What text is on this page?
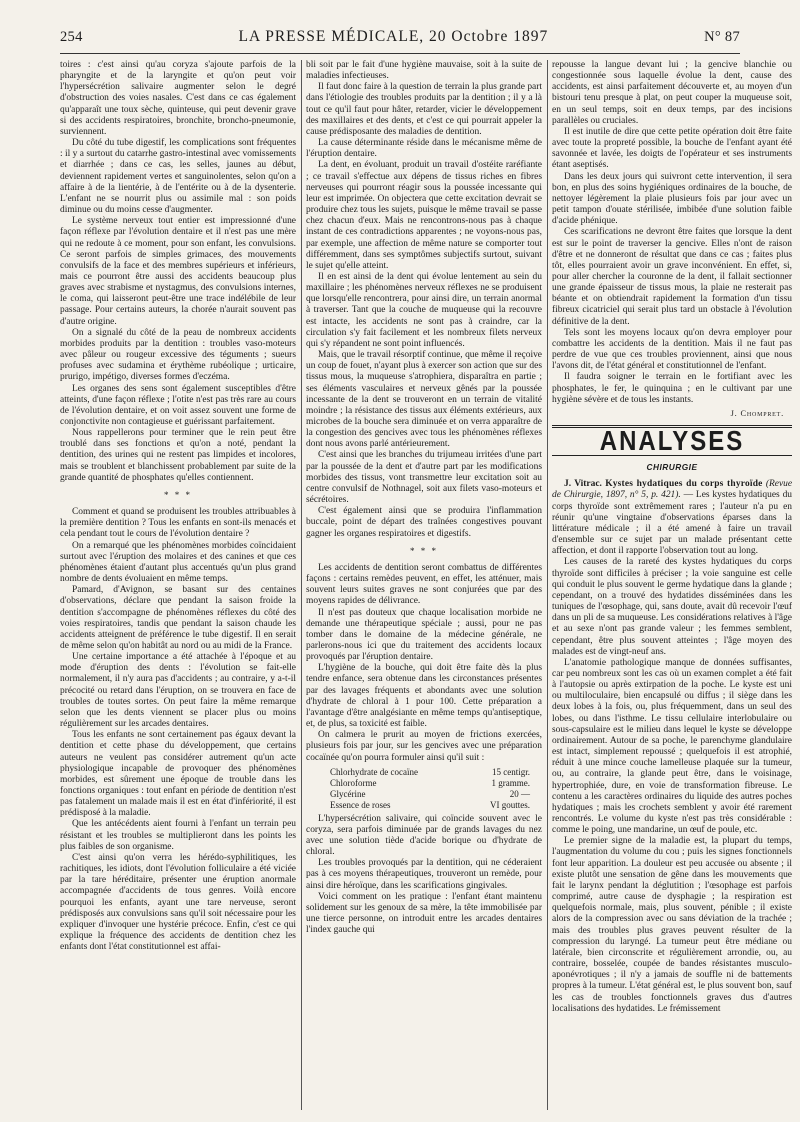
254	LA PRESSE MÉDICALE, 20 Octobre 1897	N° 87

toires : c'est ainsi qu'au coryza s'ajoute parfois de la pharyngite et de la laryngite et qu'on peut voir l'hypersécrétion salivaire augmenter selon le degré d'obstruction des voies nasales. C'est dans ce cas également qu'apparaît une toux sèche, quinteuse, qui peut devenir grave si des accidents respiratoires, bronchite, broncho-pneumonie, surviennent.

Du côté du tube digestif, les complications sont fréquentes : il y a surtout du catarrhe gastro-intestinal avec vomissements et diarrhée ; dans ce cas, les selles, jaunes au début, deviennent rapidement vertes et sanguinolentes, selon qu'on a affaire à de la lientérie, à de l'entérite ou à de la dysenterie. L'enfant ne se nourrit plus ou assimile mal : son poids diminue ou du moins cesse d'augmenter.

Le système nerveux tout entier est impressionné d'une façon réflexe par l'évolution dentaire et il n'est pas une mère qui ne redoute à ce moment, pour son enfant, les convulsions. Ce seront parfois de simples grimaces, des mouvements convulsifs de la face et des membres supérieurs et inférieurs, mais ce pourront être aussi des accidents beaucoup plus graves avec strabisme et nystagmus, des convulsions internes, le coma, qui laisseront peut-être une trace indélébile de leur passage. Pour certains auteurs, la chorée n'aurait souvent pas d'autre origine.

On a signalé du côté de la peau de nombreux accidents morbides produits par la dentition : troubles vaso-moteurs avec pâleur ou rougeur excessive des téguments ; sueurs profuses avec sudamina et érythème rubéolique ; urticaire, prurigo, impétigo, diverses formes d'eczéma.

Les organes des sens sont également susceptibles d'être atteints, d'une façon réflexe ; l'otite n'est pas très rare au cours de l'évolution dentaire, et on voit assez souvent une forme de conjonctivite non contagieuse et guérissant parfaitement.

Nous rappellerons pour terminer que le rein peut être troublé dans ses fonctions et qu'on a noté, pendant la dentition, des urines qui ne restent pas limpides et incolores, mais se troublent et blanchissent probablement par suite de la grande quantité de phosphates qu'elles contiennent.

* * *

Comment et quand se produisent les troubles attribuables à la première dentition ? Tous les enfants en sont-ils menacés et cela pendant tout le cours de l'évolution dentaire ?

On a remarqué que les phénomènes morbides coïncidaient surtout avec l'éruption des molaires et des canines et que ces phénomènes étaient d'autant plus accentués qu'un plus grand nombre de dents évoluaient en même temps.

Pamard, d'Avignon, se basant sur des centaines d'observations, déclare que pendant la saison froide la dentition s'accompagne de phénomènes réflexes du côté des voies respiratoires, tandis que pendant la saison chaude les accidents atteignent de préférence le tube digestif. Il en serait de même selon qu'on habitât au nord ou au midi de la France.

Une certaine importance a été attachée à l'époque et au mode d'éruption des dents : l'évolution se fait-elle normalement, il n'y aura pas d'accidents ; au contraire, y a-t-il précocité ou retard dans l'éruption, on se trouvera en face de troubles de toutes sortes. On peut faire la même remarque selon que les dents viennent se placer plus ou moins régulièrement sur les arcades dentaires.

Tous les enfants ne sont certainement pas égaux devant la dentition et cette phase du développement, que certains auteurs ne veulent pas considérer autrement qu'un acte physiologique incapable de provoquer des phénomènes morbides, est sûrement une époque de trouble dans les fonctions organiques : tout enfant en période de dentition n'est pas fatalement un malade mais il est en état d'infériorité, il est prédisposé à la maladie.

Que les antécédents aient fourni à l'enfant un terrain peu résistant et les troubles se multiplieront dans les points les plus faibles de son organisme.

C'est ainsi qu'on verra les hérédo-syphilitiques, les rachitiques, les idiots, dont l'évolution folliculaire a été viciée par la tare héréditaire, présenter une éruption anormale accompagnée d'accidents de tous genres. Voilà encore pourquoi les enfants, ayant une tare nerveuse, seront prédisposés aux convulsions sans qu'il soit nécessaire pour les expliquer d'invoquer une hystérie précoce. Enfin, c'est ce qui explique la fréquence des accidents de dentition chez les enfants dont l'état constitutionnel est affai-

bli soit par le fait d'une hygiène mauvaise, soit à la suite de maladies infectieuses.

Il faut donc faire à la question de terrain la plus grande part dans l'étiologie des troubles produits par la dentition ; il y a là tout ce qu'il faut pour hâter, retarder, vicier le développement des maxillaires et des dents, et c'est ce qui pourrait appeler la cause prédisposante des maladies de dentition.

La cause déterminante réside dans le mécanisme même de l'éruption dentaire.

La dent, en évoluant, produit un travail d'ostéite raréfiante ; ce travail s'effectue aux dépens de tissus riches en fibres nerveuses qui pourront réagir sous la poussée incessante qui leur est imprimée. On objectera que cette excitation devrait se produire chez tous les sujets, puisque le même travail se passe chez chacun d'eux. Mais ne rencontrons-nous pas à chaque instant de ces contradictions apparentes ; ne voyons-nous pas, par exemple, une affection de même nature se comporter tout différemment, dans ses symptômes subjectifs surtout, suivant le sujet qu'elle atteint.

Il en est ainsi de la dent qui évolue lentement au sein du maxillaire ; les phénomènes nerveux réflexes ne se produisent que lorsqu'elle rencontrera, pour ainsi dire, un terrain anormal à traverser. Tant que la couche de muqueuse qui la recouvre est intacte, les accidents ne sont pas à craindre, car la circulation s'y fait facilement et les nombreux filets nerveux qui s'y répandent ne sont point influencés.

Mais, que le travail résorptif continue, que même il reçoive un coup de fouet, n'ayant plus à exercer son action que sur des tissus mous, la muqueuse s'atrophiera, disparaîtra en partie ; ses éléments vasculaires et nerveux gênés par la poussée incessante de la dent se trouveront en un terrain de vitalité moindre ; la résistance des tissus aux éléments extérieurs, aux microbes de la bouche sera diminuée et on verra apparaître de la congestion des gencives avec tous les phénomènes réflexes dont nous avons parlé antérieurement.

C'est ainsi que les branches du trijumeau irritées d'une part par la poussée de la dent et d'autre part par les modifications morbides des tissus, vont transmettre leur excitation soit au centre convulsif de Nothnagel, soit aux filets vaso-moteurs et sécrétoires.

C'est également ainsi que se produira l'inflammation buccale, point de départ des traînées congestives pouvant gagner les organes respiratoires et digestifs.

* * *

Les accidents de dentition seront combattus de différentes façons : certains remèdes peuvent, en effet, les atténuer, mais souvent leurs suites graves ne sont conjurées que par des moyens rapides de délivrance.

Il n'est pas douteux que chaque localisation morbide ne demande une thérapeutique spéciale ; aussi, pour ne pas tomber dans le domaine de la médecine générale, ne parlerons-nous ici que du traitement des accidents locaux provoqués par l'éruption dentaire.

L'hygiène de la bouche, qui doit être faite dès la plus tendre enfance, sera obtenue dans les circonstances présentes par des lavages fréquents et abondants avec une solution d'hydrate de chloral à 1 pour 100. Cette préparation a l'avantage d'être analgésiante en même temps qu'antiseptique, et, de plus, sa toxicité est faible.

On calmera le prurit au moyen de frictions exercées, plusieurs fois par jour, sur les gencives avec une préparation cocaïnée qu'on pourra formuler ainsi qu'il suit :

Chlorhydrate de cocaïne	15 centigr.
Chloroforme	1 gramme.
Glycérine	20 —
Essence de roses	VI gouttes.

L'hypersécrétion salivaire, qui coïncide souvent avec le coryza, sera parfois diminuée par de grands lavages du nez avec une solution tiède d'acide borique ou d'hydrate de chloral.

Les troubles provoqués par la dentition, qui ne céderaient pas à ces moyens thérapeutiques, trouveront un remède, pour ainsi dire héroïque, dans les scarifications gingivales.

Voici comment on les pratique : l'enfant étant maintenu solidement sur les genoux de sa mère, la tête immobilisée par une tierce personne, on introduit entre les arcades dentaires l'index gauche qui

repousse la langue devant lui ; la gencive blanchie ou congestionnée sous laquelle évolue la dent, cause des accidents, est ainsi parfaitement découverte et, au moyen d'un bistouri tenu presque à plat, on peut couper la muqueuse soit, en un seul temps, soit en deux temps, par des incisions parallèles ou cruciales.

Il est inutile de dire que cette petite opération doit être faite avec toute la propreté possible, la bouche de l'enfant ayant été savonnée et lavée, les doigts de l'opérateur et ses instruments étant aseptisés.

Dans les deux jours qui suivront cette intervention, il sera bon, en plus des soins hygiéniques ordinaires de la bouche, de nettoyer légèrement la plaie plusieurs fois par jour avec un petit tampon d'ouate stérilisée, imbibée d'une solution faible d'acide phénique.

Ces scarifications ne devront être faites que lorsque la dent est sur le point de traverser la gencive. Elles n'ont de raison d'être et ne donneront de résultat que dans ce cas ; faites plus tôt, elles pourraient avoir un grave inconvénient. En effet, si, pour aller chercher la couronne de la dent, il fallait sectionner une grande épaisseur de tissus mous, la plaie ne resterait pas béante et on obtiendrait rapidement la formation d'un tissu fibreux cicatriciel qui serait plus tard un obstacle à l'évolution définitive de la dent.

Tels sont les moyens locaux qu'on devra employer pour combattre les accidents de la dentition. Mais il ne faut pas perdre de vue que ces troubles proviennent, ainsi que nous l'avons dit, de l'état général et constitutionnel de l'enfant.

Il faudra soigner le terrain en le fortifiant avec les phosphates, le fer, le quinquina ; en le cultivant par une hygiène sévère et de tous les instants.

J. Chompret.
ANALYSES
CHIRURGIE

J. Vitrac. Kystes hydatiques du corps thyroïde (Revue de Chirurgie, 1897, n° 5, p. 421). — Les kystes hydatiques du corps thyroïde sont extrêmement rares ; l'auteur n'a pu en réunir qu'une vingtaine d'observations éparses dans la littérature médicale ; il a été amené à faire un travail d'ensemble sur ce sujet par un malade présentant cette affection, et dont il rapporte l'observation tout au long.

Les causes de la rareté des kystes hydatiques du corps thyroïde sont difficiles à préciser ; la voie sanguine est celle qui conduit le plus souvent le germe hydatique dans la glande ; cependant, on a trouvé des hydatides disséminées dans les tuniques de l'œsophage, qui, sans doute, avait dû recevoir l'œuf dans un pli de sa muqueuse. Les considérations relatives à l'âge et au sexe n'ont pas grande valeur ; les femmes semblent, cependant, être plus souvent atteintes ; l'âge moyen des malades est de vingt-neuf ans.

L'anatomie pathologique manque de données suffisantes, car peu nombreux sont les cas où un examen complet a été fait à l'autopsie ou après extirpation de la poche. Le kyste est uni ou multiloculaire, bien encapsulé ou diffus ; il siège dans les deux lobes à la fois, ou, plus fréquemment, dans un seul des lobes, ou dans l'isthme. Le tissu cellulaire interlobulaire ou sous-capsulaire est le milieu dans lequel le kyste se développe ordinairement. Autour de sa poche, le parenchyme glandulaire est intact, simplement repoussé ; quelquefois il est atrophié, réduit à une mince couche lamelleuse plaquée sur la tumeur, ou, au contraire, la glande peut être, dans le voisinage, hypertrophiée, dure, en voie de transformation fibreuse. Le contenu a les caractères ordinaires du liquide des autres poches hydatiques ; mais les crochets semblent y avoir été rarement rencontrés. Le volume du kyste n'est pas très considérable : comme le poing, une mandarine, un œuf de poule, etc.

Le premier signe de la maladie est, la plupart du temps, l'augmentation du volume du cou ; puis les signes fonctionnels font leur apparition. La douleur est peu accusée ou absente ; il existe plutôt une sensation de gêne dans les mouvements que fait le larynx pendant la déglutition ; l'œsophage est parfois comprimé, autre cause de dysphagie ; la respiration est quelquefois normale, mais, plus souvent, pénible ; il existe alors de la compression avec ou sans déviation de la trachée ; mais des troubles plus graves peuvent résulter de la compression du laryngé. La tumeur peut être médiane ou latérale, bien circonscrite et régulièrement arrondie, ou, au contraire, bosselée, coupée de bandes résistantes musculo-aponévrotiques ; il n'y a jamais de souffle ni de battements propres à la tumeur. L'état général est, le plus souvent bon, sauf les cas de troubles fonctionnels graves dus d'autres localisations des hydatides. Le frémissement
